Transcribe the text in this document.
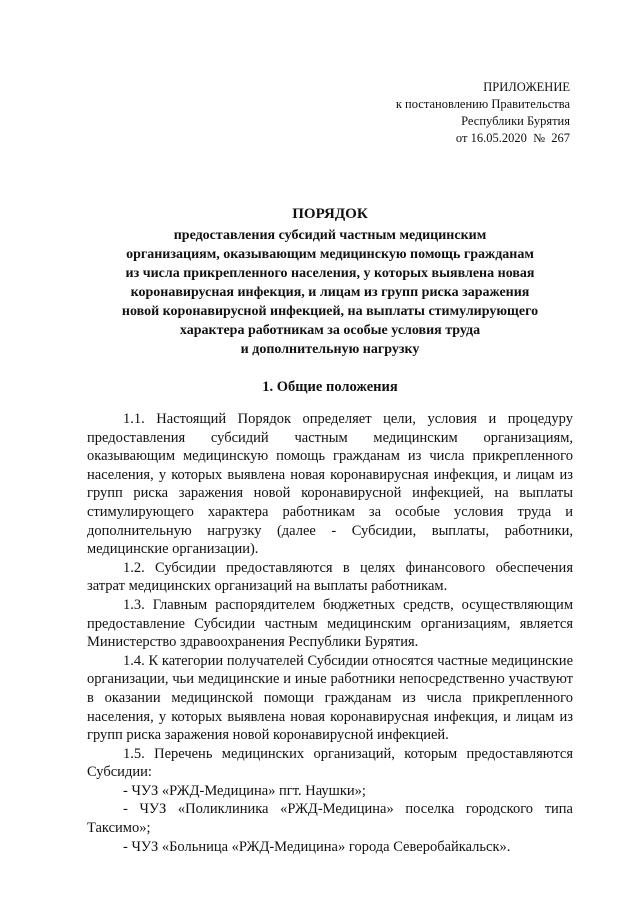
ПРИЛОЖЕНИЕ
к постановлению Правительства
Республики Бурятия
от 16.05.2020  №  267
ПОРЯДОК
предоставления субсидий частным медицинским
организациям, оказывающим медицинскую помощь гражданам
из числа прикрепленного населения, у которых выявлена новая
коронавирусная инфекция, и лицам из групп риска заражения
новой коронавирусной инфекцией, на выплаты стимулирующего
характера работникам за особые условия труда
и дополнительную нагрузку
1. Общие положения

1.1. Настоящий Порядок определяет цели, условия и процедуру предоставления субсидий частным медицинским организациям, оказывающим медицинскую помощь гражданам из числа прикрепленного населения, у которых выявлена новая коронавирусная инфекция, и лицам из групп риска заражения новой коронавирусной инфекцией, на выплаты стимулирующего характера работникам за особые условия труда и дополнительную нагрузку (далее - Субсидии, выплаты, работники, медицинские организации).

1.2. Субсидии предоставляются в целях финансового обеспечения затрат медицинских организаций на выплаты работникам.

1.3. Главным распорядителем бюджетных средств, осуществляющим предоставление Субсидии частным медицинским организациям, является Министерство здравоохранения Республики Бурятия.

1.4. К категории получателей Субсидии относятся частные медицинские организации, чьи медицинские и иные работники непосредственно участвуют в оказании медицинской помощи гражданам из числа прикрепленного населения, у которых выявлена новая коронавирусная инфекция, и лицам из групп риска заражения новой коронавирусной инфекцией.

1.5. Перечень медицинских организаций, которым предоставляются Субсидии:

- ЧУЗ «РЖД-Медицина» пгт. Наушки»;

- ЧУЗ «Поликлиника «РЖД-Медицина» поселка городского типа Таксимо»;

- ЧУЗ «Больница «РЖД-Медицина» города Северобайкальск».
